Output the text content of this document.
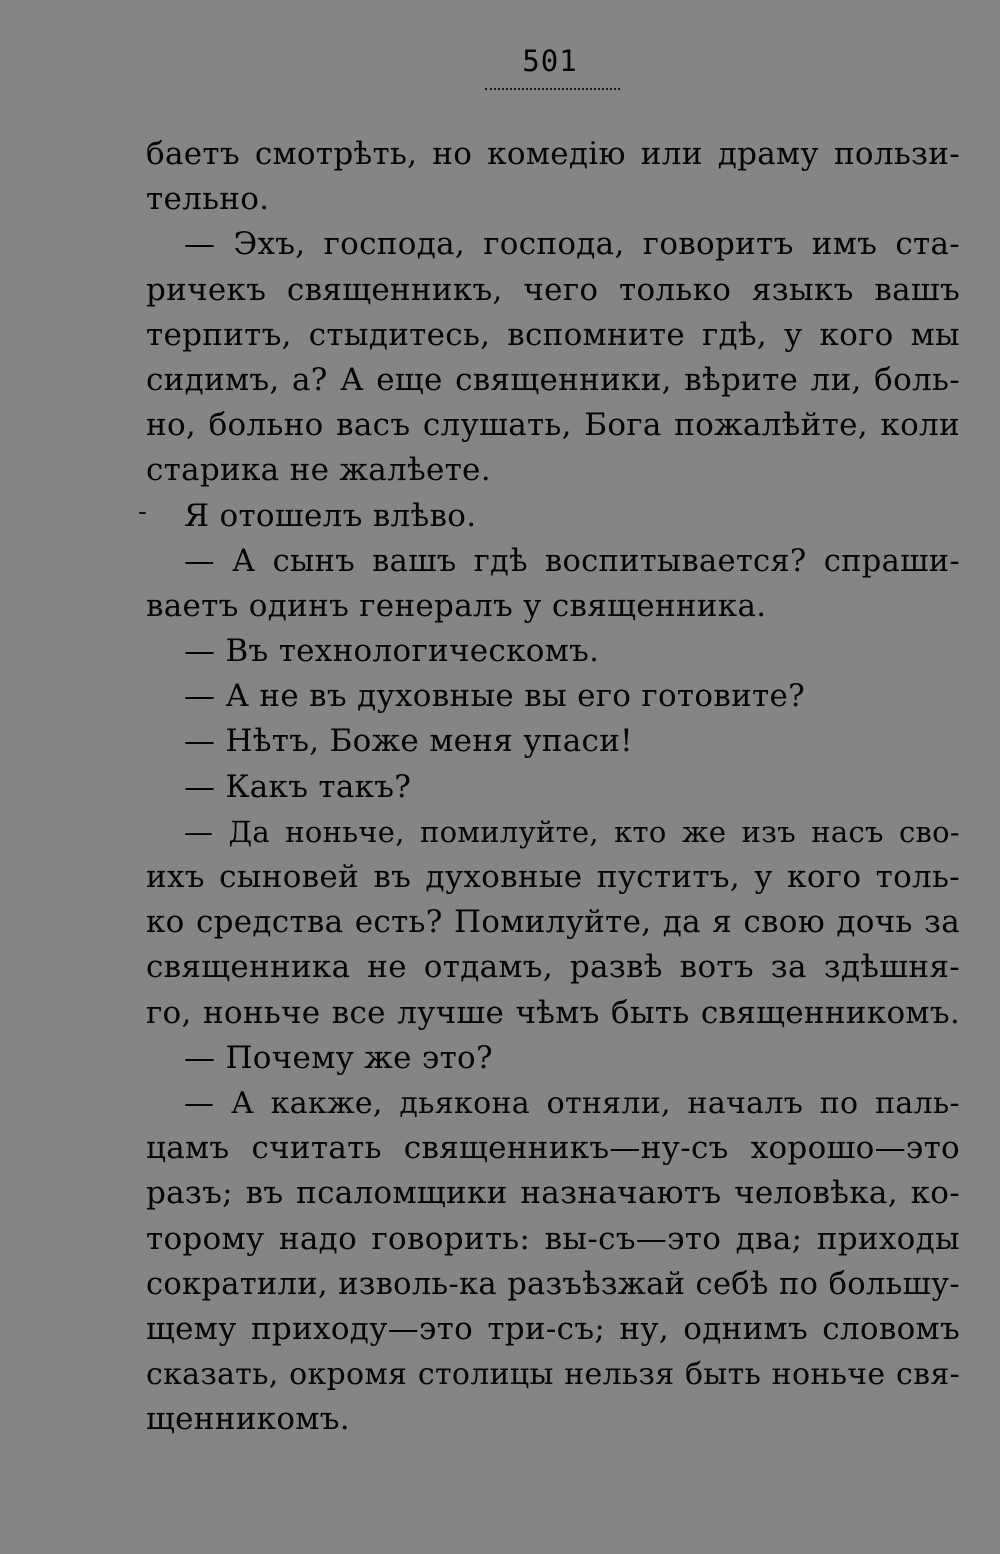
501
-
баетъ смотрѣть, но комедію или драму пользи-
тельно.
— Эхъ, господа, господа, говоритъ имъ ста-
ричекъ священникъ, чего только языкъ вашъ
терпитъ, стыдитесь, вспомните гдѣ, у кого мы
сидимъ, а? А еще священники, вѣрите ли, боль-
но, больно васъ слушать, Бога пожалѣйте, коли
старика не жалѣете.
Я отошелъ влѣво.
— А сынъ вашъ гдѣ воспитывается? спраши-
ваетъ одинъ генералъ у священника.
— Въ технологическомъ.
— А не въ духовные вы его готовите?
— Нѣтъ, Боже меня упаси!
— Какъ такъ?
— Да ноньче, помилуйте, кто же изъ насъ сво-
ихъ сыновей въ духовные пуститъ, у кого толь-
ко средства есть? Помилуйте, да я свою дочь за
священника не отдамъ, развѣ вотъ за здѣшня-
го, ноньче все лучше чѣмъ быть священникомъ.
— Почему же это?
— А какже, дьякона отняли, началъ по паль-
цамъ считать священникъ—ну-съ хорошо—это
разъ; въ псаломщики назначаютъ человѣка, ко-
торому надо говорить: вы-съ—это два; приходы
сократили, изволь-ка разъѣзжай себѣ по большу-
щему приходу—это три-съ; ну, однимъ словомъ
сказать, окромя столицы нельзя быть ноньче свя-
щенникомъ.
